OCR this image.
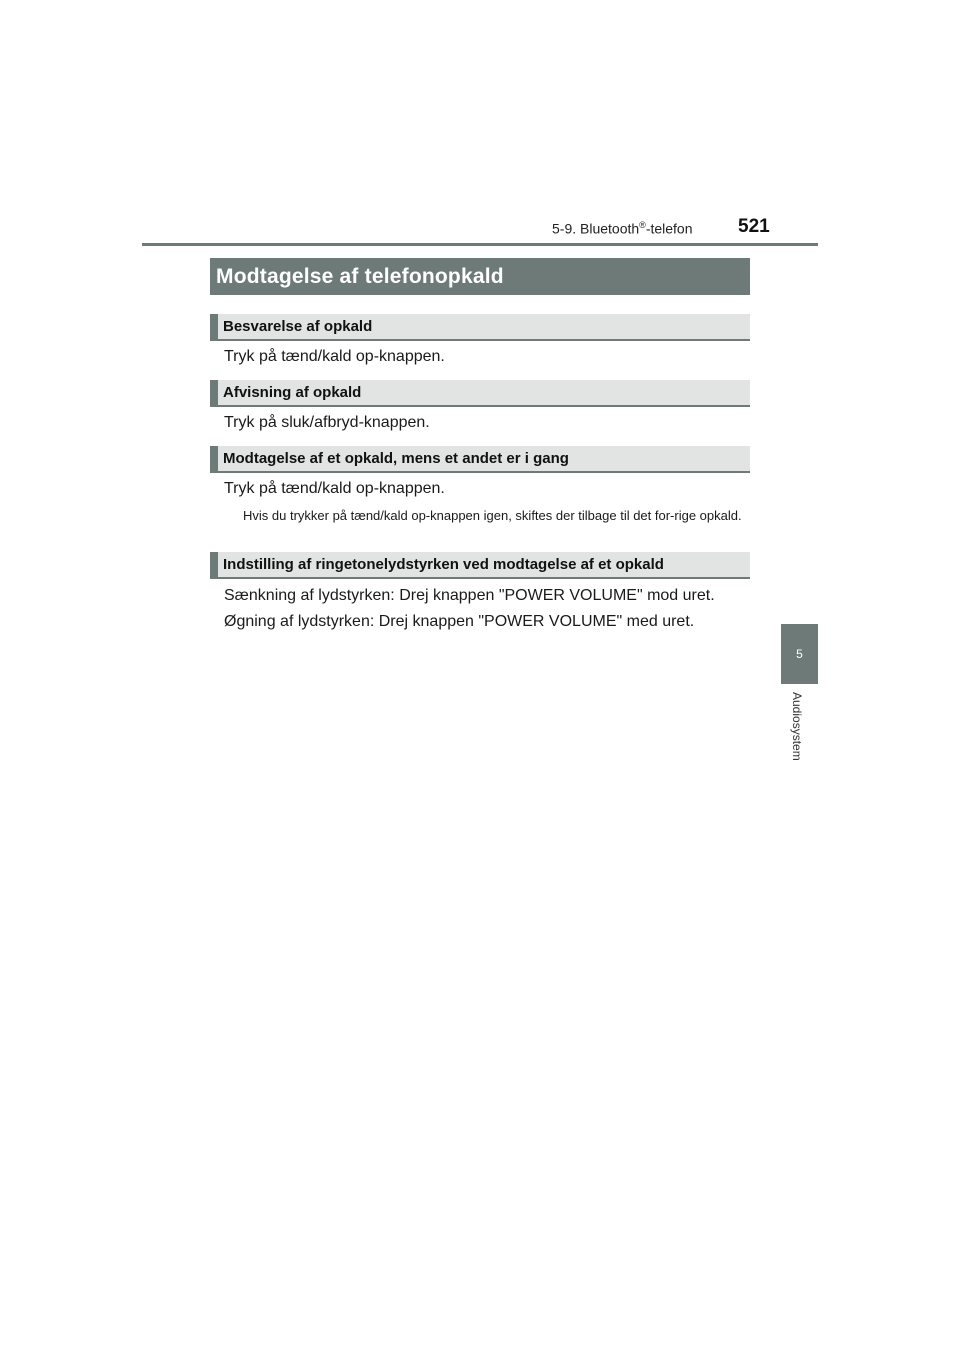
5-9. Bluetooth®-telefon 521
5
Audiosystem
Modtagelse af telefonopkald
Besvarelse af opkald
Tryk på tænd/kald op-knappen.
Afvisning af opkald
Tryk på sluk/afbryd-knappen.
Modtagelse af et opkald, mens et andet er i gang
Tryk på tænd/kald op-knappen.
Hvis du trykker på tænd/kald op-knappen igen, skiftes der tilbage til det for-rige opkald.
Indstilling af ringetonelydstyrken ved modtagelse af et opkald
Sænkning af lydstyrken: Drej knappen "POWER VOLUME" mod uret.
Øgning af lydstyrken: Drej knappen "POWER VOLUME" med uret.
